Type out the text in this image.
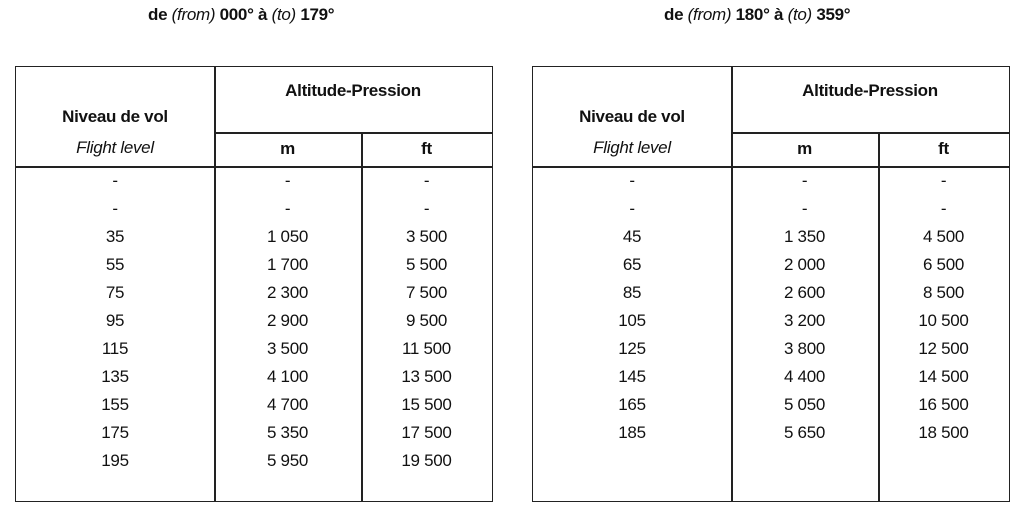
de (from) 000° à (to) 179°	de (from) 180° à (to) 359°
Niveau de vol
Flight level
Altitude-Pression
m	ft
-	-	-
-	-	-
35	1 050	3 500
55	1 700	5 500
75	2 300	7 500
95	2 900	9 500
115	3 500	11 500
135	4 100	13 500
155	4 700	15 500
175	5 350	17 500
195	5 950	19 500
Niveau de vol
Flight level
Altitude-Pression
m	ft
-	-	-
-	-	-
45	1 350	4 500
65	2 000	6 500
85	2 600	8 500
105	3 200	10 500
125	3 800	12 500
145	4 400	14 500
165	5 050	16 500
185	5 650	18 500
